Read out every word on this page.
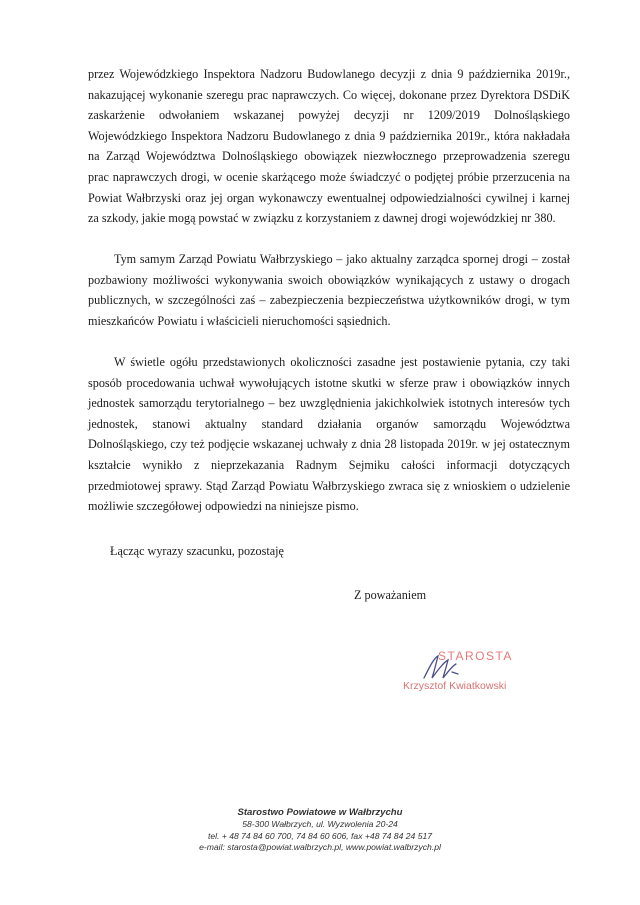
przez Wojewódzkiego Inspektora Nadzoru Budowlanego decyzji z dnia 9 października 2019r., nakazującej wykonanie szeregu prac naprawczych. Co więcej, dokonane przez Dyrektora DSDiK zaskarżenie odwołaniem wskazanej powyżej decyzji nr 1209/2019 Dolnośląskiego Wojewódzkiego Inspektora Nadzoru Budowlanego z dnia 9 października 2019r., która nakładała na Zarząd Województwa Dolnośląskiego obowiązek niezwłocznego przeprowadzenia szeregu prac naprawczych drogi, w ocenie skarżącego może świadczyć o podjętej próbie przerzucenia na Powiat Wałbrzyski oraz jej organ wykonawczy ewentualnej odpowiedzialności cywilnej i karnej za szkody, jakie mogą powstać w związku z korzystaniem z dawnej drogi wojewódzkiej nr 380.

Tym samym Zarząd Powiatu Wałbrzyskiego – jako aktualny zarządca spornej drogi – został pozbawiony możliwości wykonywania swoich obowiązków wynikających z ustawy o drogach publicznych, w szczególności zaś – zabezpieczenia bezpieczeństwa użytkowników drogi, w tym mieszkańców Powiatu i właścicieli nieruchomości sąsiednich.

W świetle ogółu przedstawionych okoliczności zasadne jest postawienie pytania, czy taki sposób procedowania uchwał wywołujących istotne skutki w sferze praw i obowiązków innych jednostek samorządu terytorialnego – bez uwzględnienia jakichkolwiek istotnych interesów tych jednostek, stanowi aktualny standard działania organów samorządu Województwa Dolnośląskiego, czy też podjęcie wskazanej uchwały z dnia 28 listopada 2019r. w jej ostatecznym kształcie wynikło z nieprzekazania Radnym Sejmiku całości informacji dotyczących przedmiotowej sprawy. Stąd Zarząd Powiatu Wałbrzyskiego zwraca się z wnioskiem o udzielenie możliwie szczegółowej odpowiedzi na niniejsze pismo.

Łącząc wyrazy szacunku, pozostaję

Z poważaniem

STAROSTA

Krzysztof Kwiatkowski

Starostwo Powiatowe w Wałbrzychu

58-300 Wałbrzych, ul. Wyzwolenia 20-24

tel. + 48 74 84 60 700, 74 84 60 606, fax +48 74 84 24 517

e-mail: starosta@powiat.walbrzych.pl, www.powiat.walbrzych.pl
